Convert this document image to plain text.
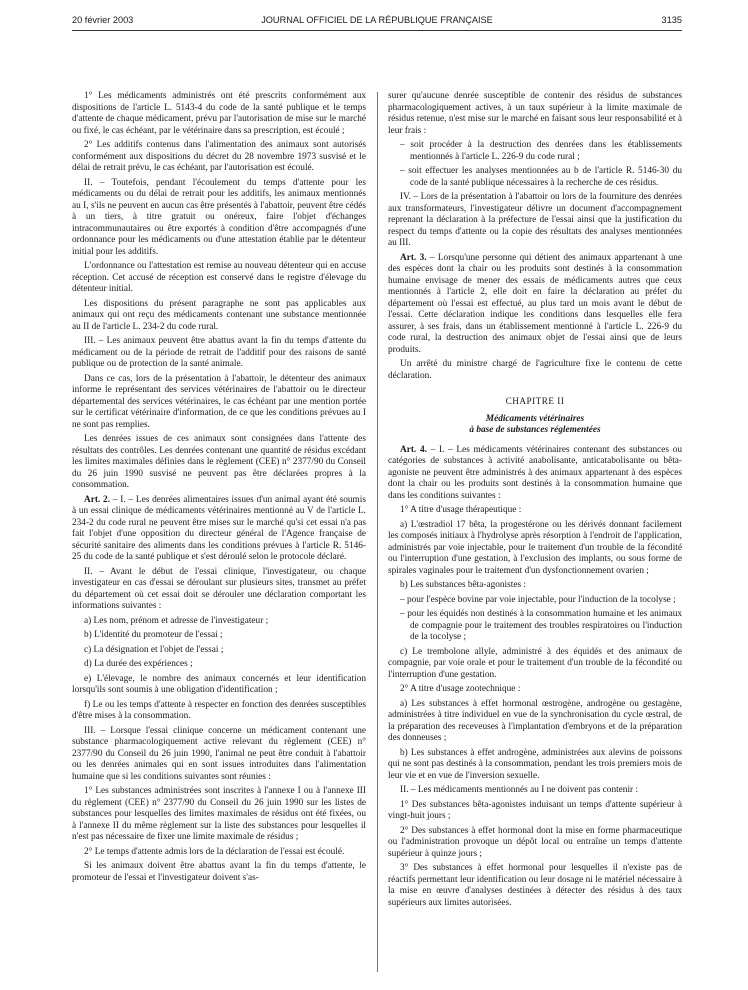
20 février 2003	JOURNAL OFFICIEL DE LA RÉPUBLIQUE FRANÇAISE	3135

1° Les médicaments administrés ont été prescrits conformément aux dispositions de l'article L. 5143-4 du code de la santé publique et le temps d'attente de chaque médicament, prévu par l'autorisation de mise sur le marché ou fixé, le cas échéant, par le vétérinaire dans sa prescription, est écoulé ;

2° Les additifs contenus dans l'alimentation des animaux sont autorisés conformément aux dispositions du décret du 28 novembre 1973 susvisé et le délai de retrait prévu, le cas échéant, par l'autorisation est écoulé.

II. – Toutefois, pendant l'écoulement du temps d'attente pour les médicaments ou du délai de retrait pour les additifs, les animaux mentionnés au I, s'ils ne peuvent en aucun cas être présentés à l'abattoir, peuvent être cédés à un tiers, à titre gratuit ou onéreux, faire l'objet d'échanges intracommunautaires ou être exportés à condition d'être accompagnés d'une ordonnance pour les médicaments ou d'une attestation établie par le détenteur initial pour les additifs.

L'ordonnance ou l'attestation est remise au nouveau détenteur qui en accuse réception. Cet accusé de réception est conservé dans le registre d'élevage du détenteur initial.

Les dispositions du présent paragraphe ne sont pas applicables aux animaux qui ont reçu des médicaments contenant une substance mentionnée au II de l'article L. 234-2 du code rural.

III. – Les animaux peuvent être abattus avant la fin du temps d'attente du médicament ou de la période de retrait de l'additif pour des raisons de santé publique ou de protection de la santé animale.

Dans ce cas, lors de la présentation à l'abattoir, le détenteur des animaux informe le représentant des services vétérinaires de l'abattoir ou le directeur départemental des services vétérinaires, le cas échéant par une mention portée sur le certificat vétérinaire d'information, de ce que les conditions prévues au I ne sont pas remplies.

Les denrées issues de ces animaux sont consignées dans l'attente des résultats des contrôles. Les denrées contenant une quantité de résidus excédant les limites maximales définies dans le règlement (CEE) n° 2377/90 du Conseil du 26 juin 1990 susvisé ne peuvent pas être déclarées propres à la consommation.

Art. 2. – I. – Les denrées alimentaires issues d'un animal ayant été soumis à un essai clinique de médicaments vétérinaires mentionné au V de l'article L. 234-2 du code rural ne peuvent être mises sur le marché qu'si cet essai n'a pas fait l'objet d'une opposition du directeur général de l'Agence française de sécurité sanitaire des aliments dans les conditions prévues à l'article R. 5146-25 du code de la santé publique et s'est déroulé selon le protocole déclaré.

II. – Avant le début de l'essai clinique, l'investigateur, ou chaque investigateur en cas d'essai se déroulant sur plusieurs sites, transmet au préfet du département où cet essai doit se dérouler une déclaration comportant les informations suivantes :

a) Les nom, prénom et adresse de l'investigateur ;

b) L'identité du promoteur de l'essai ;

c) La désignation et l'objet de l'essai ;

d) La durée des expériences ;

e) L'élevage, le nombre des animaux concernés et leur identification lorsqu'ils sont soumis à une obligation d'identification ;

f) Le ou les temps d'attente à respecter en fonction des denrées susceptibles d'être mises à la consommation.

III. – Lorsque l'essai clinique concerne un médicament contenant une substance pharmacologiquement active relevant du règlement (CEE) n° 2377/90 du Conseil du 26 juin 1990, l'animal ne peut être conduit à l'abattoir ou les denrées animales qui en sont issues introduites dans l'alimentation humaine que si les conditions suivantes sont réunies :

1° Les substances administrées sont inscrites à l'annexe I ou à l'annexe III du règlement (CEE) n° 2377/90 du Conseil du 26 juin 1990 sur les listes de substances pour lesquelles des limites maximales de résidus ont été fixées, ou à l'annexe II du même règlement sur la liste des substances pour lesquelles il n'est pas nécessaire de fixer une limite maximale de résidus ;

2° Le temps d'attente admis lors de la déclaration de l'essai est écoulé.

Si les animaux doivent être abattus avant la fin du temps d'attente, le promoteur de l'essai et l'investigateur doivent s'as-

surer qu'aucune denrée susceptible de contenir des résidus de substances pharmacologiquement actives, à un taux supérieur à la limite maximale de résidus retenue, n'est mise sur le marché en faisant sous leur responsabilité et à leur frais :

– soit procéder à la destruction des denrées dans les établissements mentionnés à l'article L. 226-9 du code rural ;

– soit effectuer les analyses mentionnées au b de l'article R. 5146-30 du code de la santé publique nécessaires à la recherche de ces résidus.

IV. – Lors de la présentation à l'abattoir ou lors de la fourniture des denrées aux transformateurs, l'investigateur délivre un document d'accompagnement reprenant la déclaration à la préfecture de l'essai ainsi que la justification du respect du temps d'attente ou la copie des résultats des analyses mentionnées au III.

Art. 3. – Lorsqu'une personne qui détient des animaux appartenant à une des espèces dont la chair ou les produits sont destinés à la consommation humaine envisage de mener des essais de médicaments autres que ceux mentionnés à l'article 2, elle doit en faire la déclaration au préfet du département où l'essai est effectué, au plus tard un mois avant le début de l'essai. Cette déclaration indique les conditions dans lesquelles elle fera assurer, à ses frais, dans un établissement mentionné à l'article L. 226-9 du code rural, la destruction des animaux objet de l'essai ainsi que de leurs produits.

Un arrêté du ministre chargé de l'agriculture fixe le contenu de cette déclaration.

CHAPITRE II

Médicaments vétérinaires

à base de substances réglementées

Art. 4. – I. – Les médicaments vétérinaires contenant des substances ou catégories de substances à activité anabolisante, anticatabolisante ou bêta-agoniste ne peuvent être administrés à des animaux appartenant à des espèces dont la chair ou les produits sont destinés à la consommation humaine que dans les conditions suivantes :

1° A titre d'usage thérapeutique :

a) L'œstradiol 17 bêta, la progestérone ou les dérivés donnant facilement les composés initiaux à l'hydrolyse après résorption à l'endroit de l'application, administrés par voie injectable, pour le traitement d'un trouble de la fécondité ou l'interruption d'une gestation, à l'exclusion des implants, ou sous forme de spirales vaginales pour le traitement d'un dysfonctionnement ovarien ;

b) Les substances bêta-agonistes :

– pour l'espèce bovine par voie injectable, pour l'induction de la tocolyse ;

– pour les équidés non destinés à la consommation humaine et les animaux de compagnie pour le traitement des troubles respiratoires ou l'induction de la tocolyse ;

c) Le trembolone allyle, administré à des équidés et des animaux de compagnie, par voie orale et pour le traitement d'un trouble de la fécondité ou l'interruption d'une gestation.

2° A titre d'usage zootechnique :

a) Les substances à effet hormonal œstrogène, androgène ou gestagène, administrées à titre individuel en vue de la synchronisation du cycle œstral, de la préparation des receveuses à l'implantation d'embryons et de la préparation des donneuses ;

b) Les substances à effet androgène, administrées aux alevins de poissons qui ne sont pas destinés à la consommation, pendant les trois premiers mois de leur vie et en vue de l'inversion sexuelle.

II. – Les médicaments mentionnés au I ne doivent pas contenir :

1° Des substances bêta-agonistes induisant un temps d'attente supérieur à vingt-huit jours ;

2° Des substances à effet hormonal dont la mise en forme pharmaceutique ou l'administration provoque un dépôt local ou entraîne un temps d'attente supérieur à quinze jours ;

3° Des substances à effet hormonal pour lesquelles il n'existe pas de réactifs permettant leur identification ou leur dosage ni le matériel nécessaire à la mise en œuvre d'analyses destinées à détecter des résidus à des taux supérieurs aux limites autorisées.
